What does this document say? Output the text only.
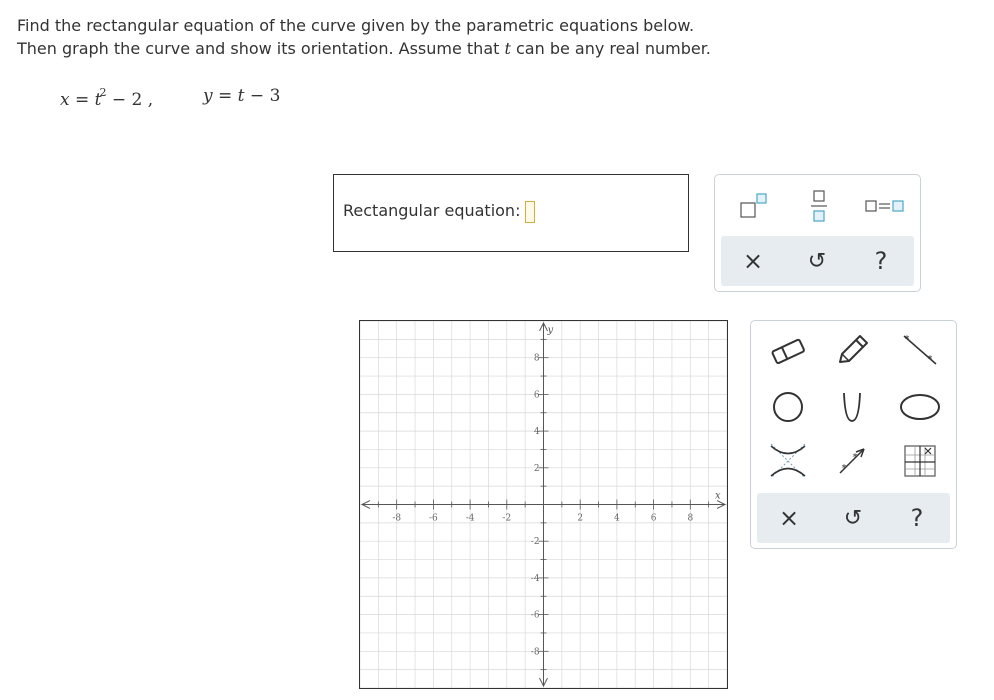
Find the rectangular equation of the curve given by the parametric equations below.

Then graph the curve and show its orientation. Assume that t can be any real number.

$x = t^2 - 2$ ,	y = t − 3
Rectangular equation:
× ↺ ?
-8	-6	-4	-2	2	4	6	8
8
6
4
2
-2
-4
-6
-8
x
y
*
*
*
*
× ↺ ?
